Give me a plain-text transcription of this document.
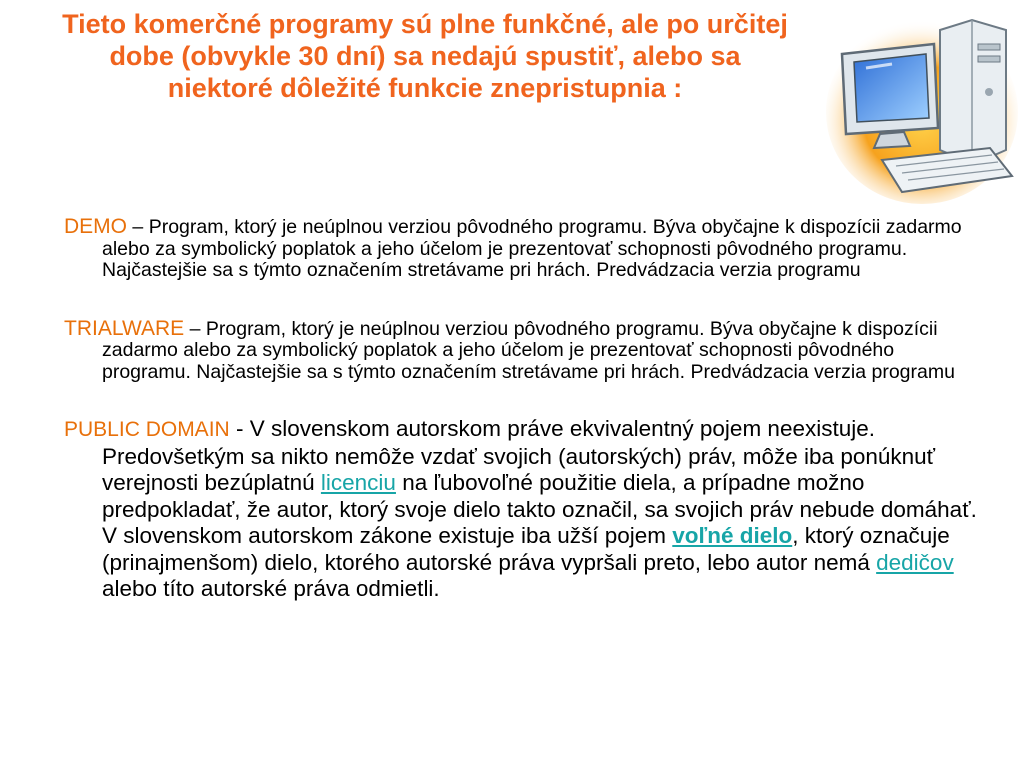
Tieto komerčné programy sú plne funkčné, ale po určitej dobe (obvykle 30 dní) sa nedajú spustiť, alebo sa niektoré dôležité funkcie znepristupnia :

DEMO – Program, ktorý je neúplnou verziou pôvodného programu. Býva obyčajne k dispozícii zadarmo alebo za symbolický poplatok a jeho účelom je prezentovať schopnosti pôvodného programu. Najčastejšie sa s týmto označením stretávame pri hrách. Predvádzacia verzia programu

TRIALWARE – Program, ktorý je neúplnou verziou pôvodného programu. Býva obyčajne k dispozícii zadarmo alebo za symbolický poplatok a jeho účelom je prezentovať schopnosti pôvodného programu. Najčastejšie sa s týmto označením stretávame pri hrách. Predvádzacia verzia programu

PUBLIC DOMAIN - V slovenskom autorskom práve ekvivalentný pojem neexistuje. Predovšetkým sa nikto nemôže vzdať svojich (autorských) práv, môže iba ponúknuť verejnosti bezúplatnú licenciu na ľubovoľné použitie diela, a prípadne možno predpokladať, že autor, ktorý svoje dielo takto označil, sa svojich práv nebude domáhať. V slovenskom autorskom zákone existuje iba užší pojem voľné dielo, ktorý označuje (prinajmenšom) dielo, ktorého autorské práva vypršali preto, lebo autor nemá dedičov alebo títo autorské práva odmietli.
